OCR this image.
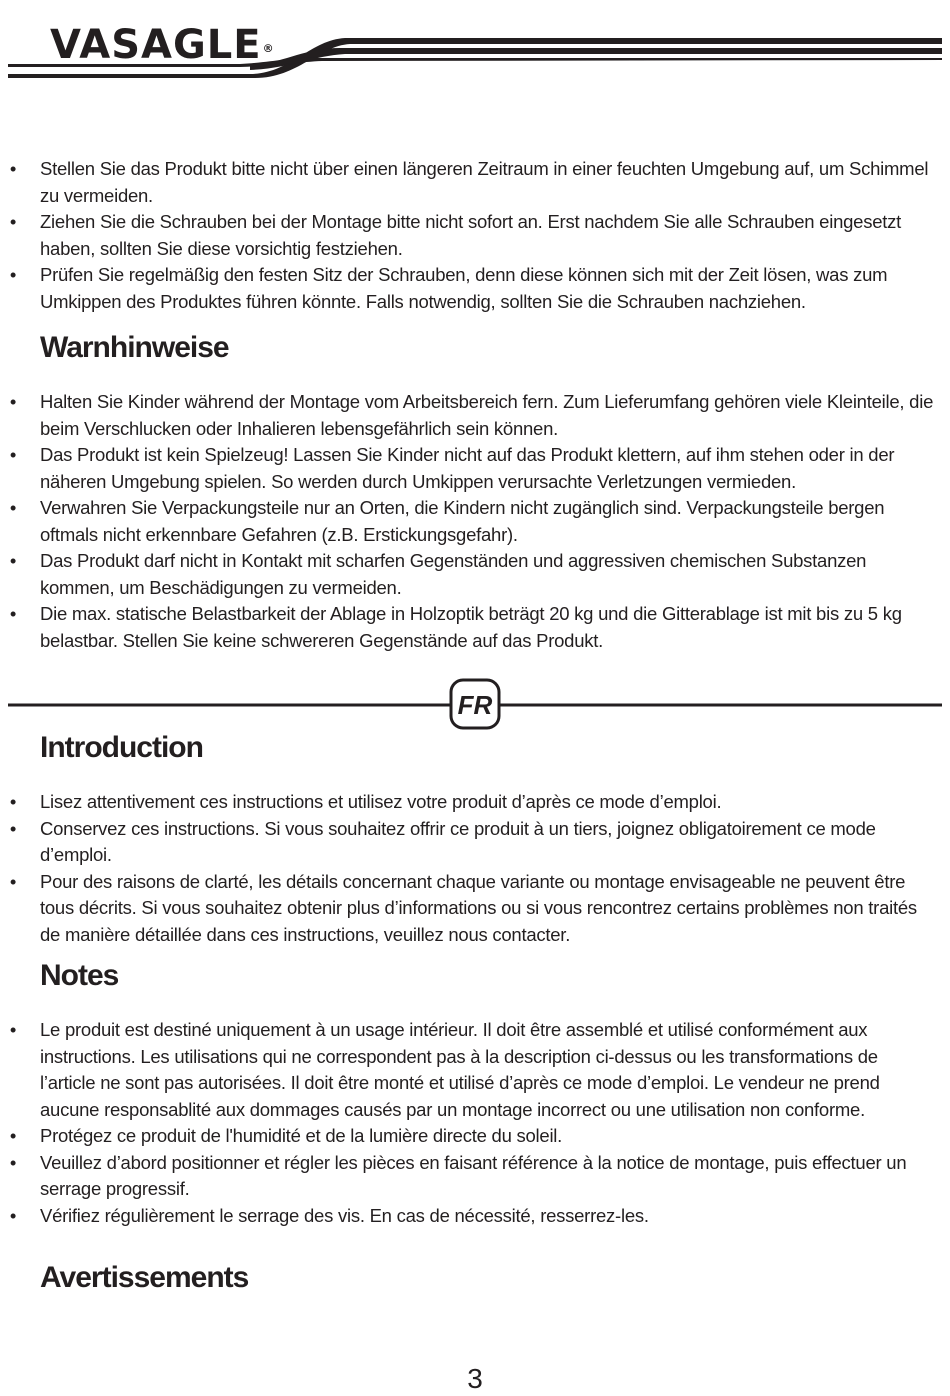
VASAGLE®
• Stellen Sie das Produkt bitte nicht über einen längeren Zeitraum in einer feuchten Umgebung auf, um Schimmel zu vermeiden.
• Ziehen Sie die Schrauben bei der Montage bitte nicht sofort an. Erst nachdem Sie alle Schrauben eingesetzt haben, sollten Sie diese vorsichtig festziehen.
• Prüfen Sie regelmäßig den festen Sitz der Schrauben, denn diese können sich mit der Zeit lösen, was zum Umkippen des Produktes führen könnte. Falls notwendig, sollten Sie die Schrauben nachziehen.
Warnhinweise
• Halten Sie Kinder während der Montage vom Arbeitsbereich fern. Zum Lieferumfang gehören viele Kleinteile, die beim Verschlucken oder Inhalieren lebensgefährlich sein können.
• Das Produkt ist kein Spielzeug! Lassen Sie Kinder nicht auf das Produkt klettern, auf ihm stehen oder in der näheren Umgebung spielen. So werden durch Umkippen verursachte Verletzungen vermieden.
• Verwahren Sie Verpackungsteile nur an Orten, die Kindern nicht zugänglich sind. Verpackungsteile bergen oftmals nicht erkennbare Gefahren (z.B. Erstickungsgefahr).
• Das Produkt darf nicht in Kontakt mit scharfen Gegenständen und aggressiven chemischen Substanzen kommen, um Beschädigungen zu vermeiden.
• Die max. statische Belastbarkeit der Ablage in Holzoptik beträgt 20 kg und die Gitterablage ist mit bis zu 5 kg belastbar. Stellen Sie keine schwereren Gegenstände auf das Produkt.
FR
Introduction
• Lisez attentivement ces instructions et utilisez votre produit d’après ce mode d’emploi.
• Conservez ces instructions. Si vous souhaitez offrir ce produit à un tiers, joignez obligatoirement ce mode d’emploi.
• Pour des raisons de clarté, les détails concernant chaque variante ou montage envisageable ne peuvent être tous décrits. Si vous souhaitez obtenir plus d’informations ou si vous rencontrez certains problèmes non traités de manière détaillée dans ces instructions, veuillez nous contacter.
Notes
• Le produit est destiné uniquement à un usage intérieur. Il doit être assemblé et utilisé conformément aux instructions. Les utilisations qui ne correspondent pas à la description ci-dessus ou les transformations de l’article ne sont pas autorisées. Il doit être monté et utilisé d’après ce mode d’emploi. Le vendeur ne prend aucune responsablité aux dommages causés par un montage incorrect ou une utilisation non conforme.
• Protégez ce produit de l'humidité et de la lumière directe du soleil.
• Veuillez d’abord positionner et régler les pièces en faisant référence à la notice de montage, puis effectuer un serrage progressif.
• Vérifiez régulièrement le serrage des vis. En cas de nécessité, resserrez-les.
Avertissements
3
